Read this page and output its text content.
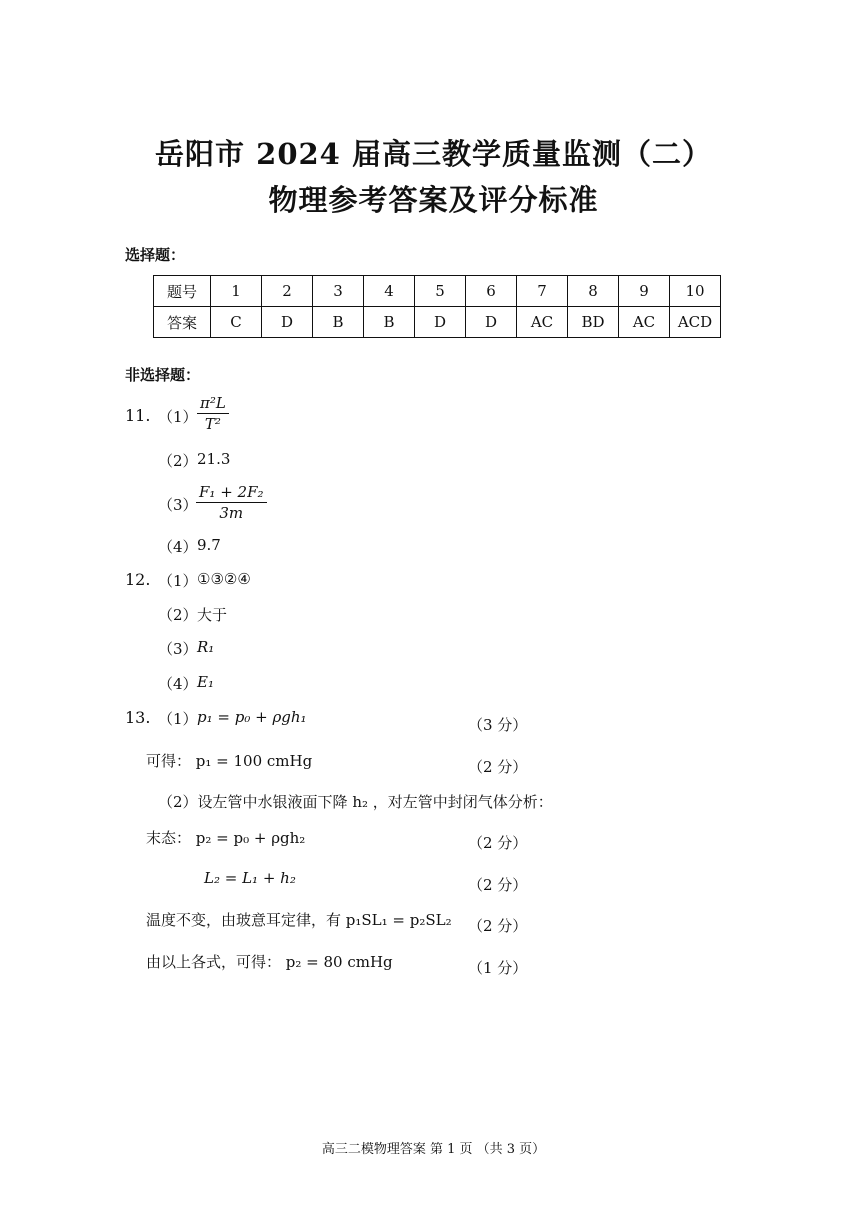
岳阳市 2024 届高三教学质量监测（二）
物理参考答案及评分标准
选择题：
题号	1	2	3	4	5	6	7	8	9	10
答案	C	D	B	B	D	D	AC	BD	AC	ACD
非选择题：
11. $(1) \frac{\text{π²L}}{\text{T²}}$
（2） 21.3
（3）
$\frac{\text{F₁ + 2F₂}}{3m}$
（4） 9.7
12. （1） ①③②④
（2） 大于
（3） R₁
（4） E₁
13. （1） p₁ = p₀ + ρgh₁	（3 分）
可得： p₁ = 100 cmHg	（2 分）
（2）设左管中水银液面下降 h₂ ，对左管中封闭气体分析：
末态： p₂ = p₀ + ρgh₂	（2 分）
L₂ = L₁ + h₂	（2 分）
温度不变，由玻意耳定律，有 p₁SL₁ = p₂SL₂ （2 分）
由以上各式，可得： p₂ = 80 cmHg	（1 分）
高三二模物理答案 第 1 页 （共 3 页）
